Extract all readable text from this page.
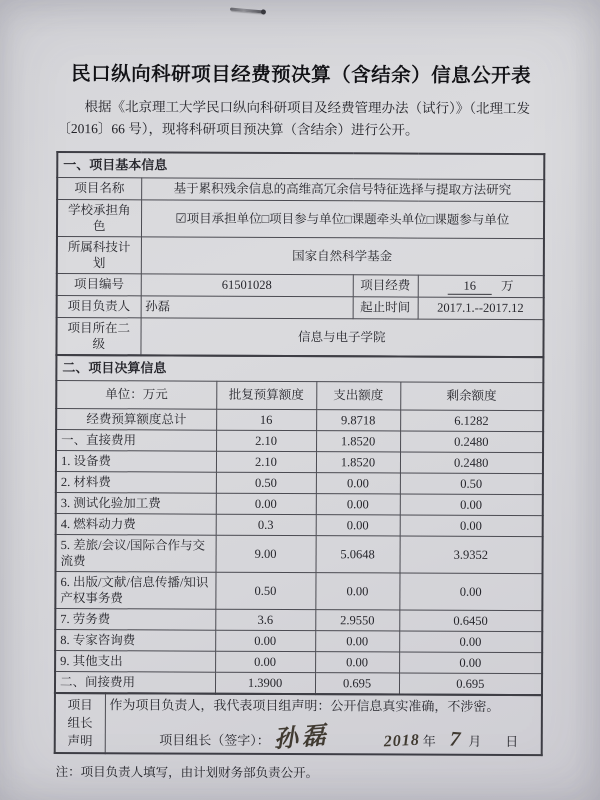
民口纵向科研项目经费预决算（含结余）信息公开表

根据《北京理工大学民口纵向科研项目及经费管理办法（试行）》（北理工发〔2016〕66 号），现将科研项目预决算（含结余）进行公开。

一、项目基本信息			
项目名称	基于累积残余信息的高维高冗余信号特征选择与提取方法研究		
学校承担角色	☑项目承担单位□项目参与单位□课题牵头单位□课题参与单位		
所属科技计划	国家自然科学基金		
项目编号	61501028	项目经费	16 万
项目负责人	孙磊	起止时间	2017.1.--2017.12
项目所在二级	信息与电子学院		
二、项目决算信息			
单位：万元	批复预算额度	支出额度	剩余额度
经费预算额度总计	16	9.8718	6.1282
一、直接费用	2.10	1.8520	0.2480
1. 设备费	2.10	1.8520	0.2480
2. 材料费	0.50	0.00	0.50
3. 测试化验加工费	0.00	0.00	0.00
4. 燃料动力费	0.3	0.00	0.00
5. 差旅/会议/国际合作与交流费	9.00	5.0648	3.9352
6. 出版/文献/信息传播/知识产权事务费	0.50	0.00	0.00
7. 劳务费	3.6	2.9550	0.6450
8. 专家咨询费	0.00	0.00	0.00
9. 其他支出	0.00	0.00	0.00
二、间接费用	1.3900	0.695	0.695
项目
组长
声明

作为项目负责人，我代表项目组声明：公开信息真实准确，不涉密。
项目组长（签字）： 孙磊	2018 年 7 月 日

注：项目负责人填写，由计划财务部负责公开。
